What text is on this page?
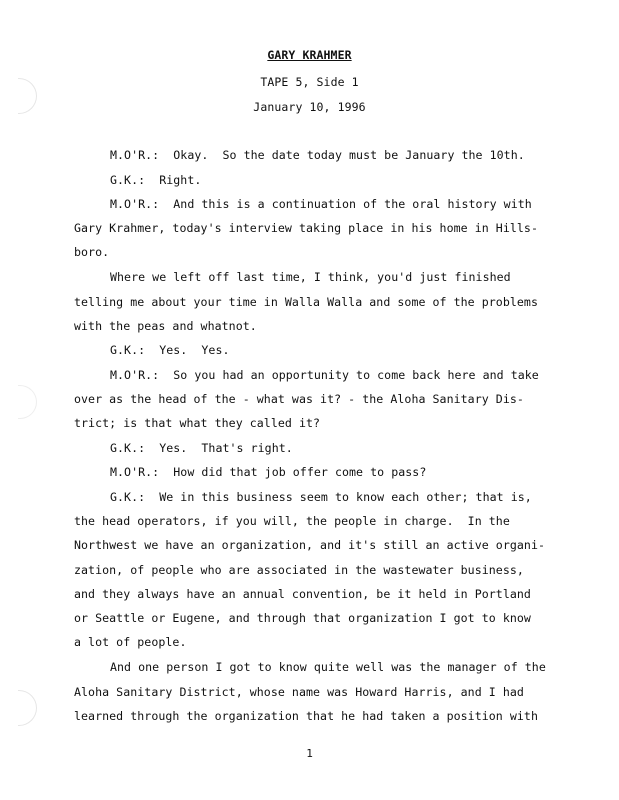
GARY KRAHMER
TAPE 5, Side 1
January 10, 1996
M.O'R.:  Okay.  So the date today must be January the 10th.
G.K.:  Right.
M.O'R.:  And this is a continuation of the oral history with
Gary Krahmer, today's interview taking place in his home in Hills-
boro.
Where we left off last time, I think, you'd just finished
telling me about your time in Walla Walla and some of the problems
with the peas and whatnot.
G.K.:  Yes.  Yes.
M.O'R.:  So you had an opportunity to come back here and take
over as the head of the - what was it? - the Aloha Sanitary Dis-
trict; is that what they called it?
G.K.:  Yes.  That's right.
M.O'R.:  How did that job offer come to pass?
G.K.:  We in this business seem to know each other; that is,
the head operators, if you will, the people in charge.  In the
Northwest we have an organization, and it's still an active organi-
zation, of people who are associated in the wastewater business,
and they always have an annual convention, be it held in Portland
or Seattle or Eugene, and through that organization I got to know
a lot of people.
And one person I got to know quite well was the manager of the
Aloha Sanitary District, whose name was Howard Harris, and I had
learned through the organization that he had taken a position with
1
